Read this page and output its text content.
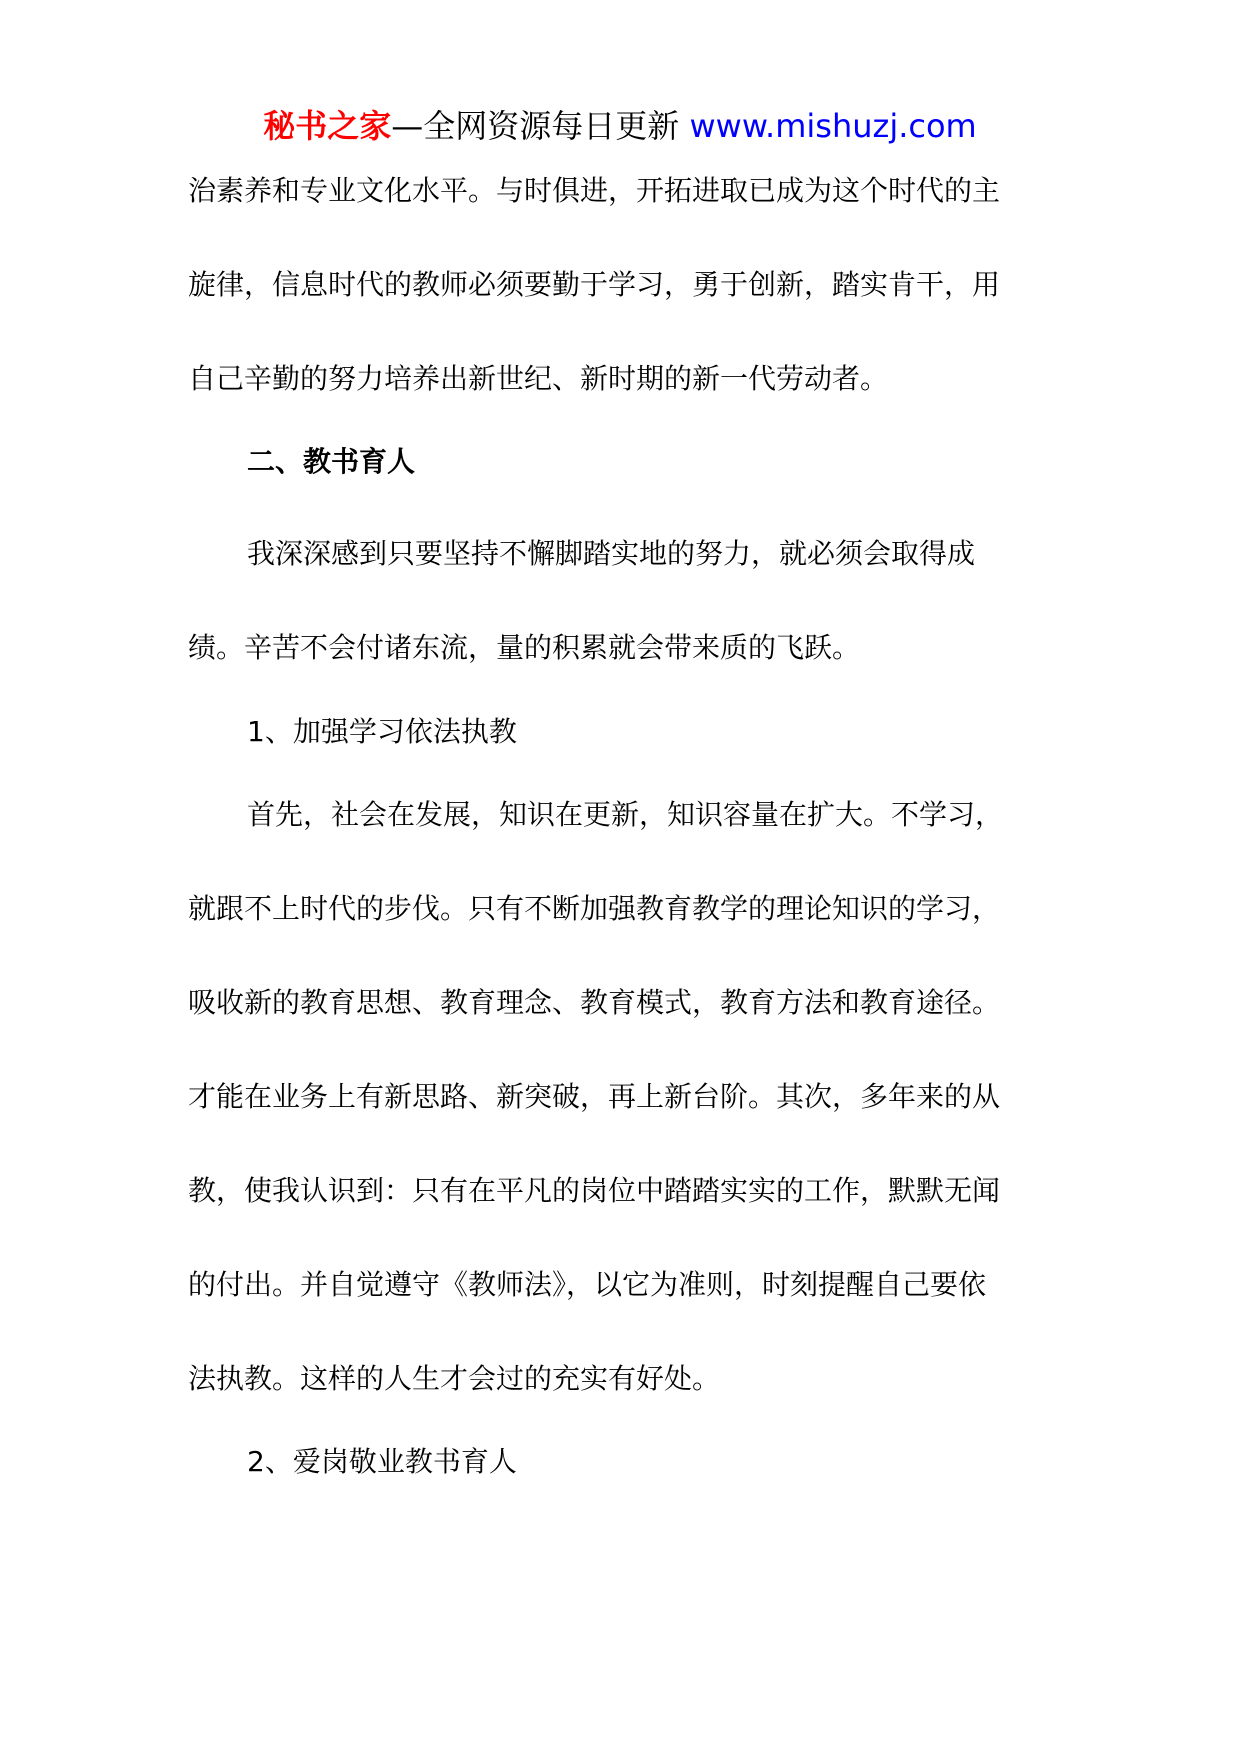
秘书之家—全网资源每日更新 www.mishuzj.com
治素养和专业文化水平。与时俱进，开拓进取已成为这个时代的主
旋律，信息时代的教师必须要勤于学习，勇于创新，踏实肯干，用
自己辛勤的努力培养出新世纪、新时期的新一代劳动者。
二、教书育人
我深深感到只要坚持不懈脚踏实地的努力，就必须会取得成
绩。辛苦不会付诸东流，量的积累就会带来质的飞跃。
1、加强学习依法执教
首先，社会在发展，知识在更新，知识容量在扩大。不学习，
就跟不上时代的步伐。只有不断加强教育教学的理论知识的学习，
吸收新的教育思想、教育理念、教育模式，教育方法和教育途径。
才能在业务上有新思路、新突破，再上新台阶。其次，多年来的从
教，使我认识到：只有在平凡的岗位中踏踏实实的工作，默默无闻
的付出。并自觉遵守《教师法》，以它为准则，时刻提醒自己要依
法执教。这样的人生才会过的充实有好处。
2、爱岗敬业教书育人
